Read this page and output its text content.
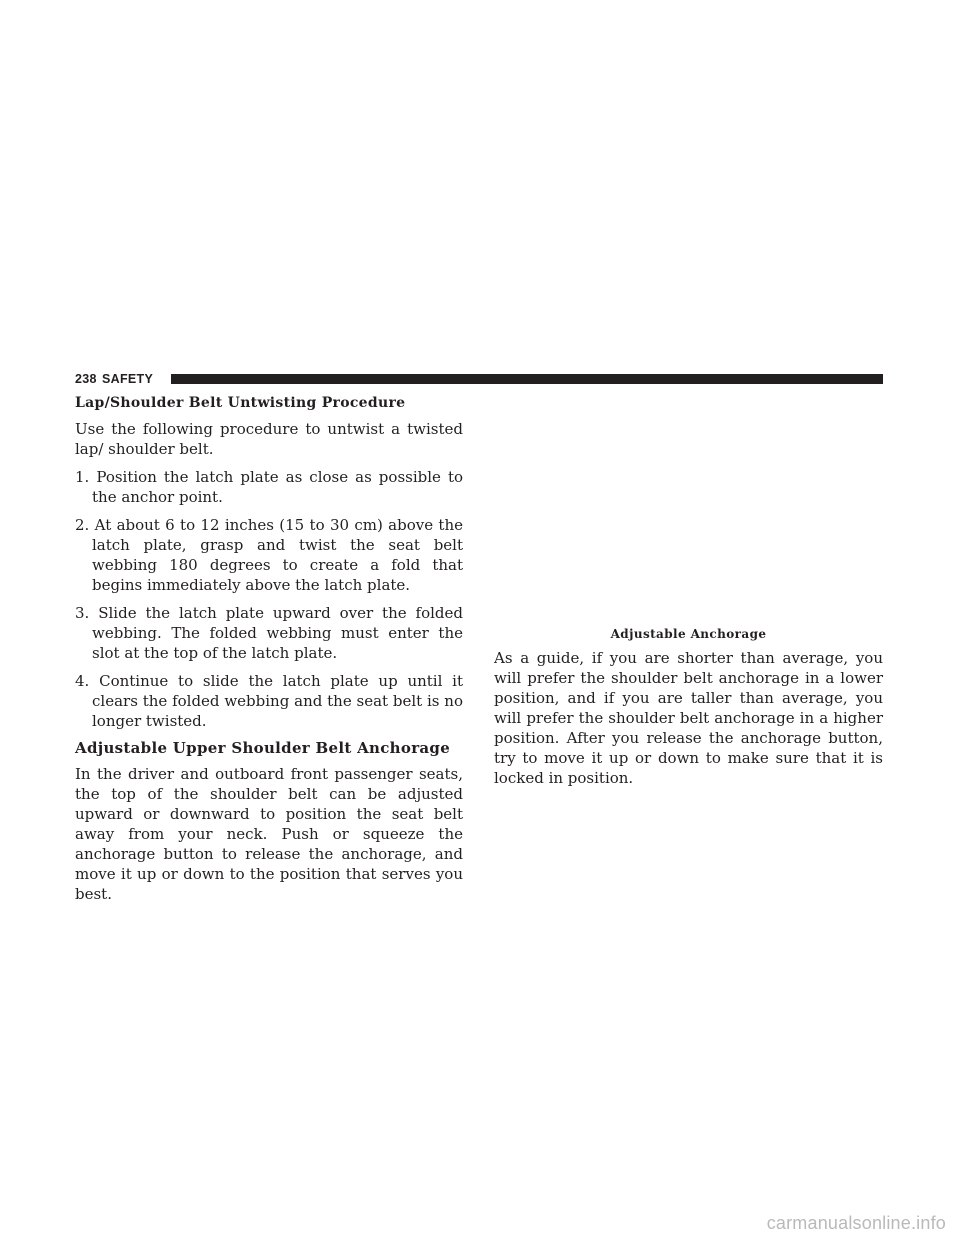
238 SAFETY
Lap/Shoulder Belt Untwisting Procedure

Use the following procedure to untwist a twisted lap/ shoulder belt.

1. Position the latch plate as close as possible to the anchor point.
2. At about 6 to 12 inches (15 to 30 cm) above the latch plate, grasp and twist the seat belt webbing 180 degrees to create a fold that begins immediately above the latch plate.
3. Slide the latch plate upward over the folded webbing. The folded webbing must enter the slot at the top of the latch plate.
4. Continue to slide the latch plate up until it clears the folded webbing and the seat belt is no longer twisted.
Adjustable Upper Shoulder Belt Anchorage

In the driver and outboard front passenger seats, the top of the shoulder belt can be adjusted upward or downward to position the seat belt away from your neck. Push or squeeze the anchorage button to release the anchorage, and move it up or down to the position that serves you best.

Adjustable Anchorage

As a guide, if you are shorter than average, you will prefer the shoulder belt anchorage in a lower position, and if you are taller than average, you will prefer the shoulder belt anchorage in a higher position. After you release the anchorage button, try to move it up or down to make sure that it is locked in position.

carmanualsonline.info
